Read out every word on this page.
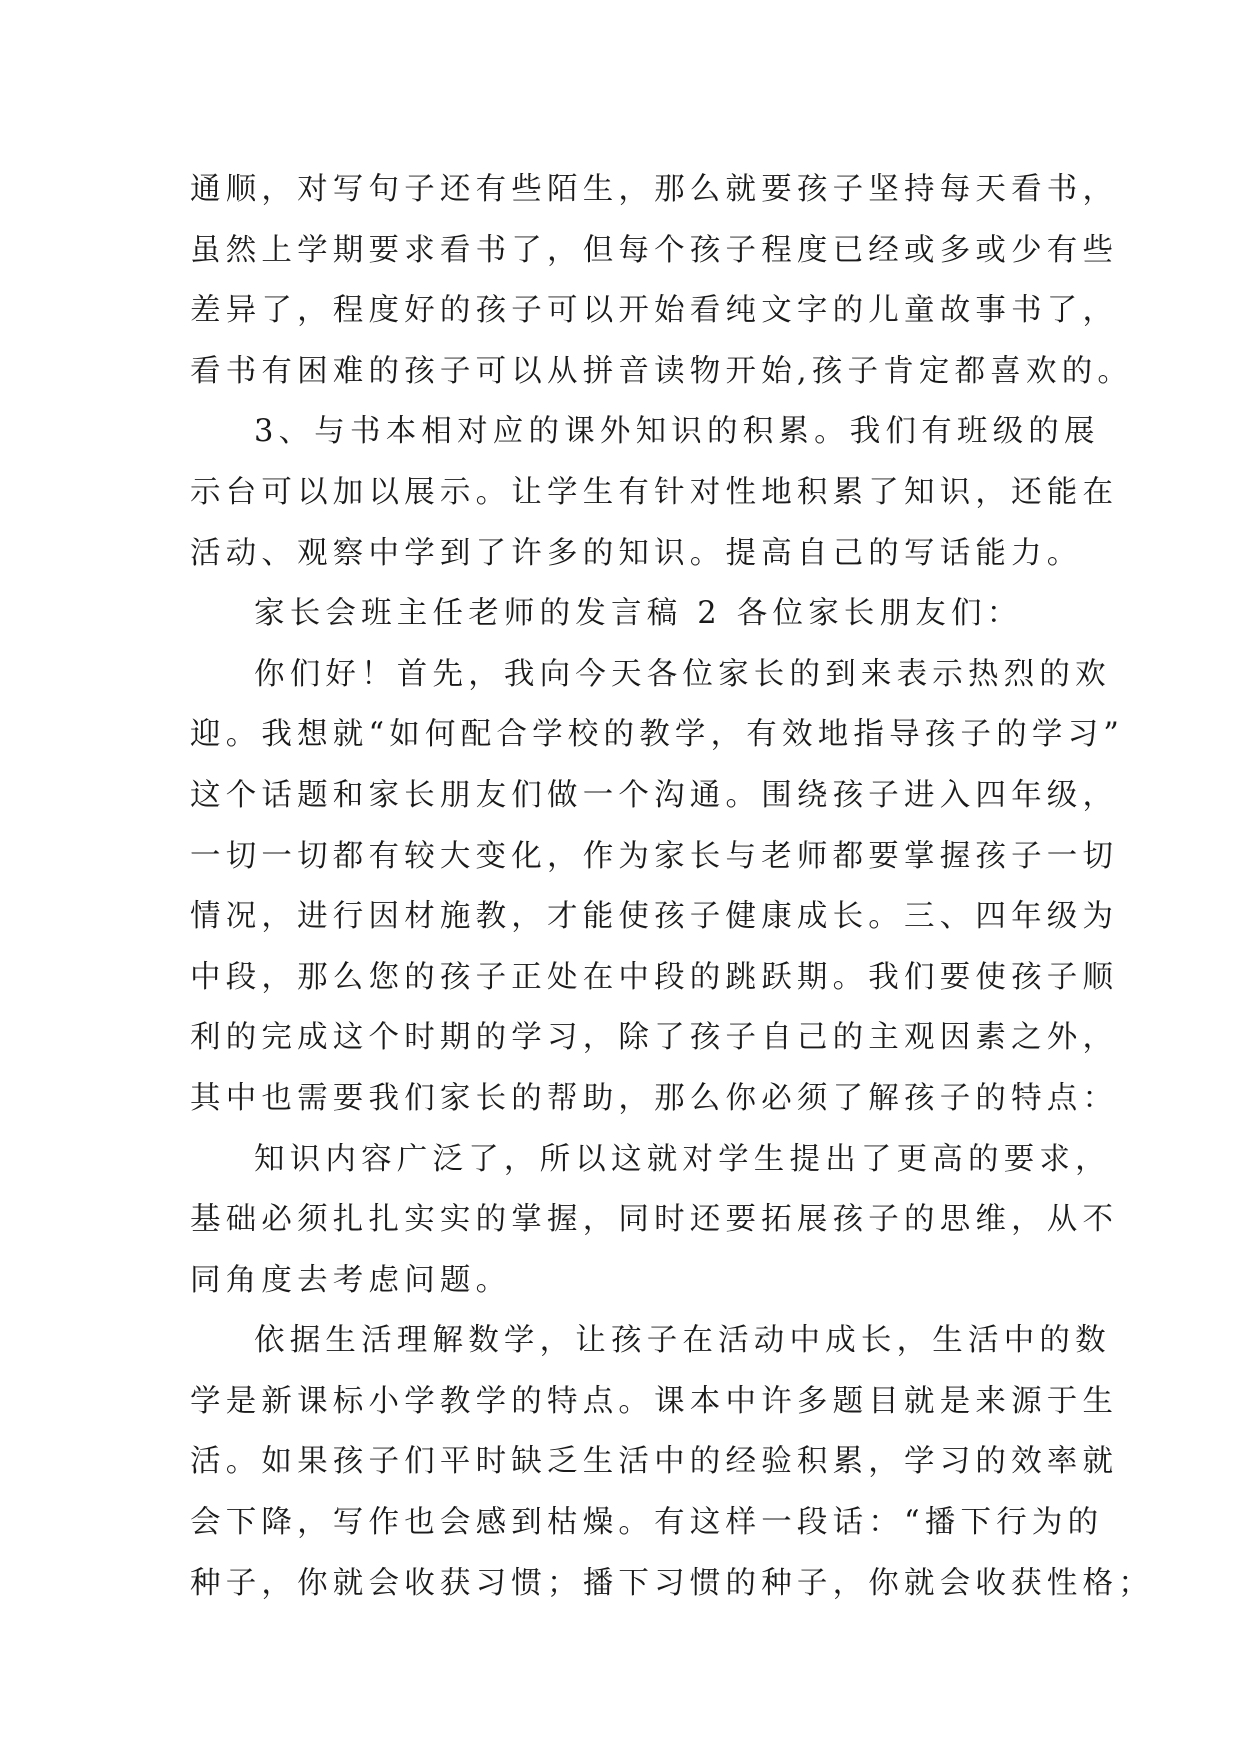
通顺，对写句子还有些陌生，那么就要孩子坚持每天看书，
虽然上学期要求看书了，但每个孩子程度已经或多或少有些
差异了，程度好的孩子可以开始看纯文字的儿童故事书了，
看书有困难的孩子可以从拼音读物开始,孩子肯定都喜欢的。
3、与书本相对应的课外知识的积累。我们有班级的展
示台可以加以展示。让学生有针对性地积累了知识，还能在
活动、观察中学到了许多的知识。提高自己的写话能力。
家长会班主任老师的发言稿 2 各位家长朋友们：
你们好！首先，我向今天各位家长的到来表示热烈的欢
迎。我想就“如何配合学校的教学，有效地指导孩子的学习”
这个话题和家长朋友们做一个沟通。围绕孩子进入四年级，
一切一切都有较大变化，作为家长与老师都要掌握孩子一切
情况，进行因材施教，才能使孩子健康成长。三、四年级为
中段，那么您的孩子正处在中段的跳跃期。我们要使孩子顺
利的完成这个时期的学习，除了孩子自己的主观因素之外，
其中也需要我们家长的帮助，那么你必须了解孩子的特点：
知识内容广泛了，所以这就对学生提出了更高的要求，
基础必须扎扎实实的掌握，同时还要拓展孩子的思维，从不
同角度去考虑问题。
依据生活理解数学，让孩子在活动中成长，生活中的数
学是新课标小学教学的特点。课本中许多题目就是来源于生
活。如果孩子们平时缺乏生活中的经验积累，学习的效率就
会下降，写作也会感到枯燥。有这样一段话：“播下行为的
种子，你就会收获习惯；播下习惯的种子，你就会收获性格；
